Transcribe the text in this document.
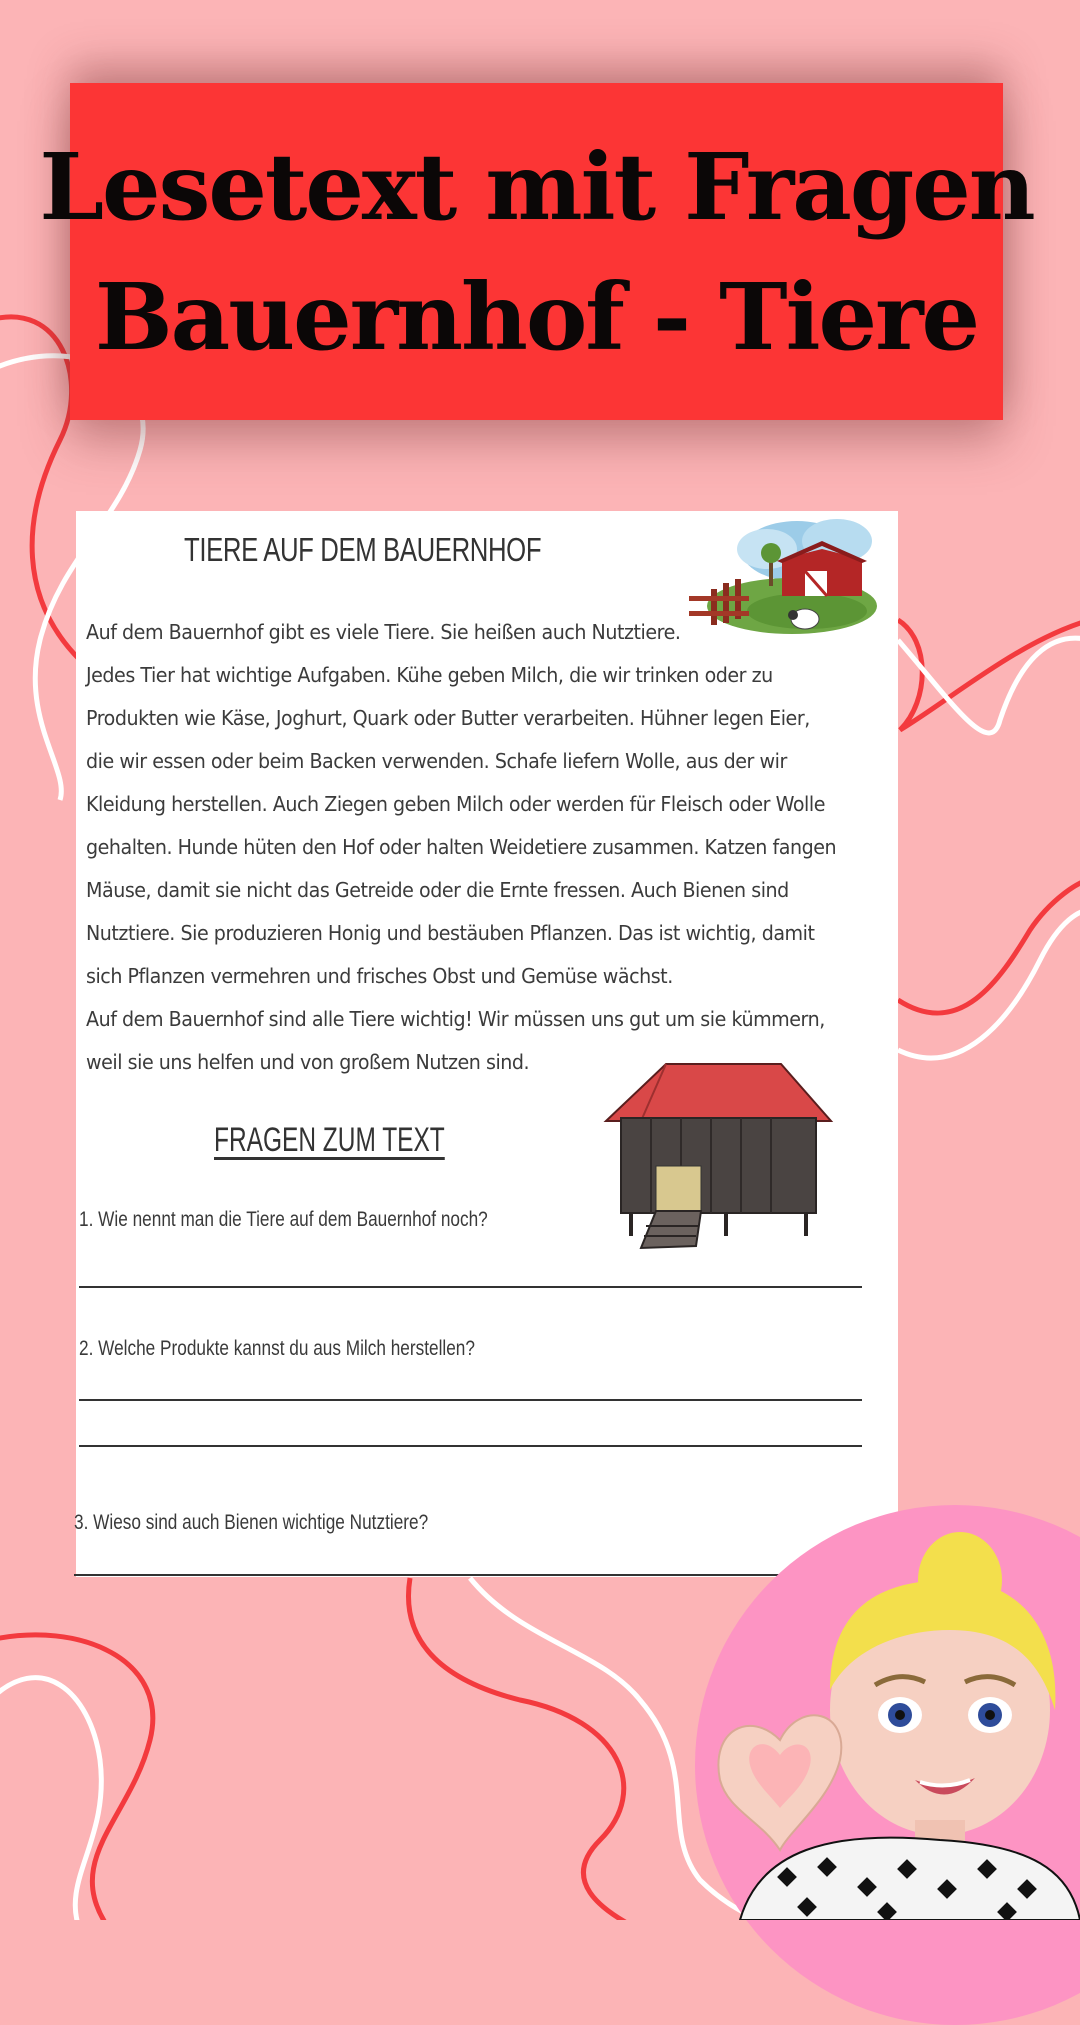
Lesetext mit Fragen
Bauernhof - Tiere
TIERE AUF DEM BAUERNHOF

Auf dem Bauernhof gibt es viele Tiere. Sie heißen auch Nutztiere.

Jedes Tier hat wichtige Aufgaben. Kühe geben Milch, die wir trinken oder zu

Produkten wie Käse, Joghurt, Quark oder Butter verarbeiten. Hühner legen Eier,

die wir essen oder beim Backen verwenden. Schafe liefern Wolle, aus der wir

Kleidung herstellen. Auch Ziegen geben Milch oder werden für Fleisch oder Wolle

gehalten. Hunde hüten den Hof oder halten Weidetiere zusammen. Katzen fangen

Mäuse, damit sie nicht das Getreide oder die Ernte fressen. Auch Bienen sind

Nutztiere. Sie produzieren Honig und bestäuben Pflanzen. Das ist wichtig, damit

sich Pflanzen vermehren und frisches Obst und Gemüse wächst.

Auf dem Bauernhof sind alle Tiere wichtig! Wir müssen uns gut um sie kümmern,

weil sie uns helfen und von großem Nutzen sind.

FRAGEN ZUM TEXT
1. Wie nennt man die Tiere auf dem Bauernhof noch?
2. Welche Produkte kannst du aus Milch herstellen?
3. Wieso sind auch Bienen wichtige Nutztiere?
